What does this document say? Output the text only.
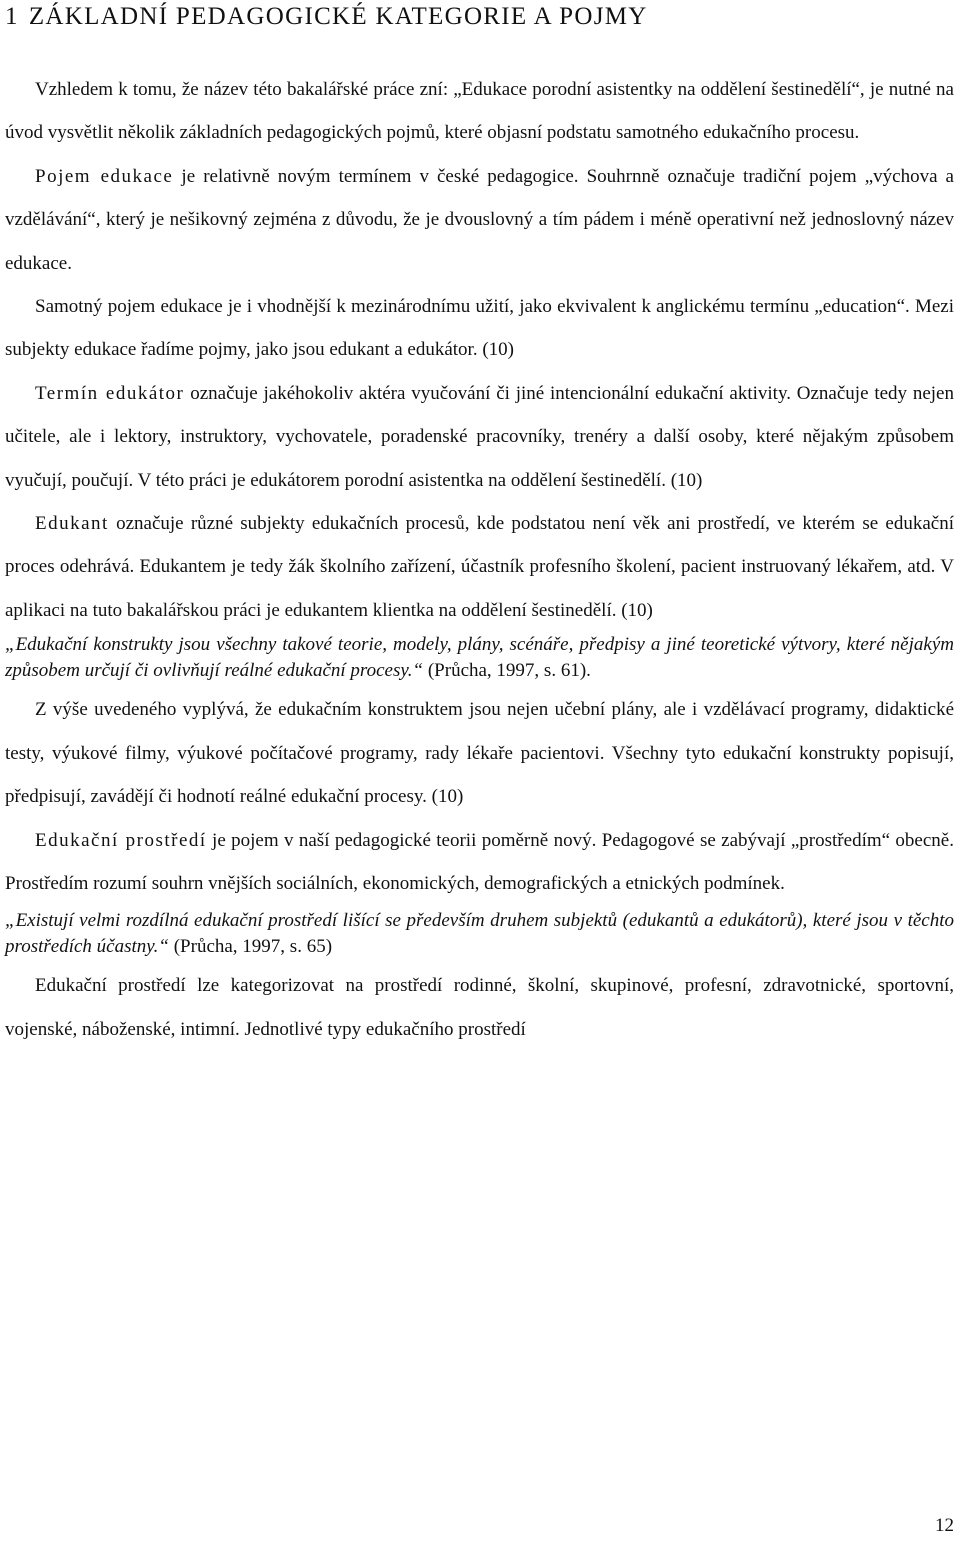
1 ZÁKLADNÍ PEDAGOGICKÉ KATEGORIE A POJMY

Vzhledem k tomu, že název této bakalářské práce zní: „Edukace porodní asistentky na oddělení šestinedělí“, je nutné na úvod vysvětlit několik základních pedagogických pojmů, které objasní podstatu samotného edukačního procesu.

Pojem edukace je relativně novým termínem v české pedagogice. Souhrnně označuje tradiční pojem „výchova a vzdělávání“, který je nešikovný zejména z důvodu, že je dvouslovný a tím pádem i méně operativní než jednoslovný název edukace.

Samotný pojem edukace je i vhodnější k mezinárodnímu užití, jako ekvivalent k anglickému termínu „education“. Mezi subjekty edukace řadíme pojmy, jako jsou edukant a edukátor. (10)

Termín edukátor označuje jakéhokoliv aktéra vyučování či jiné intencionální edukační aktivity. Označuje tedy nejen učitele, ale i lektory, instruktory, vychovatele, poradenské pracovníky, trenéry a další osoby, které nějakým způsobem vyučují, poučují. V této práci je edukátorem porodní asistentka na oddělení šestinedělí. (10)

Edukant označuje různé subjekty edukačních procesů, kde podstatou není věk ani prostředí, ve kterém se edukační proces odehrává. Edukantem je tedy žák školního zařízení, účastník profesního školení, pacient instruovaný lékařem, atd. V aplikaci na tuto bakalářskou práci je edukantem klientka na oddělení šestinedělí. (10)

„Edukační konstrukty jsou všechny takové teorie, modely, plány, scénáře, předpisy a jiné teoretické výtvory, které nějakým způsobem určují či ovlivňují reálné edukační procesy.“ (Průcha, 1997, s. 61).

Z výše uvedeného vyplývá, že edukačním konstruktem jsou nejen učební plány, ale i vzdělávací programy, didaktické testy, výukové filmy, výukové počítačové programy, rady lékaře pacientovi. Všechny tyto edukační konstrukty popisují, předpisují, zavádějí či hodnotí reálné edukační procesy. (10)

Edukační prostředí je pojem v naší pedagogické teorii poměrně nový. Pedagogové se zabývají „prostředím“ obecně. Prostředím rozumí souhrn vnějších sociálních, ekonomických, demografických a etnických podmínek.

„Existují velmi rozdílná edukační prostředí lišící se především druhem subjektů (edukantů a edukátorů), které jsou v těchto prostředích účastny.“ (Průcha, 1997, s. 65)

Edukační prostředí lze kategorizovat na prostředí rodinné, školní, skupinové, profesní, zdravotnické, sportovní, vojenské, náboženské, intimní. Jednotlivé typy edukačního prostředí

12
